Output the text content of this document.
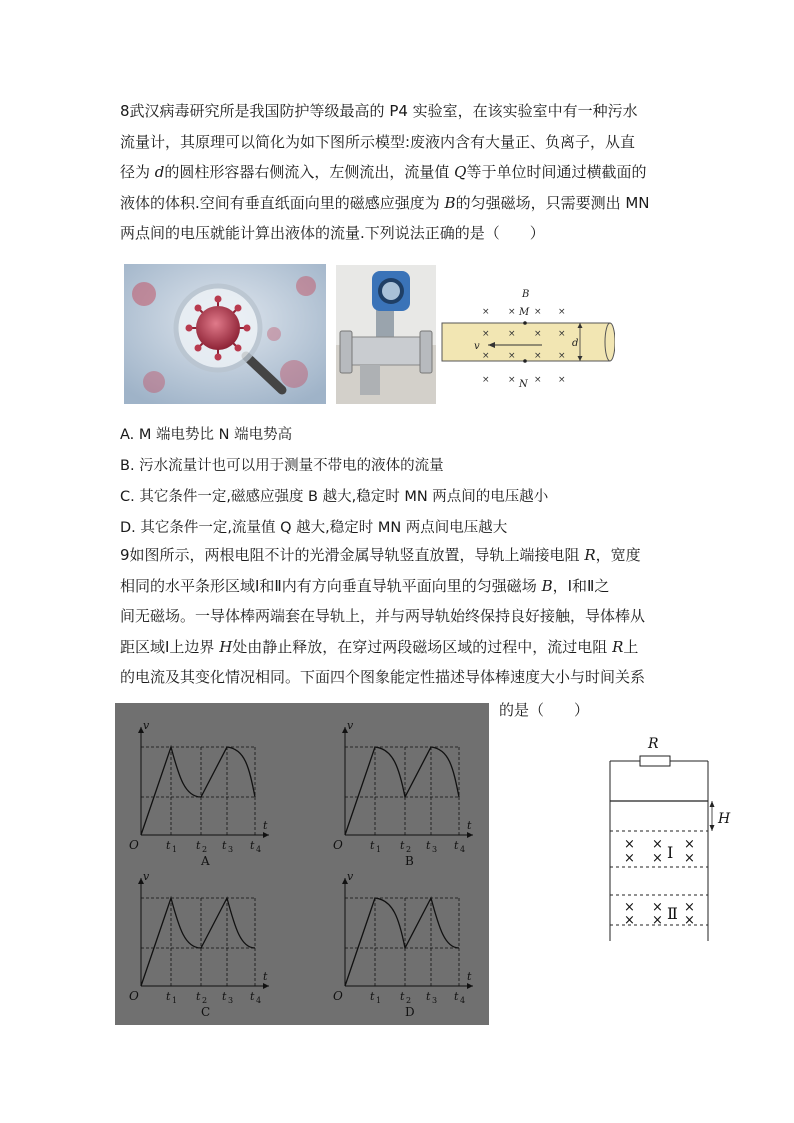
8武汉病毒研究所是我国防护等级最高的 P4 实验室，在该实验室中有一种污水
流量计，其原理可以简化为如下图所示模型:废液内含有大量正、负离子，从直
径为 d的圆柱形容器右侧流入，左侧流出，流量值 Q等于单位时间通过横截面的
液体的体积.空间有垂直纸面向里的磁感应强度为 B的匀强磁场，只需要测出 MN
两点间的电压就能计算出液体的流量.下列说法正确的是（　　）
× × × ×
× × × ×
× × × ×
× × × ×
v
B
M
N
d
A. M 端电势比 N 端电势高
B. 污水流量计也可以用于测量不带电的液体的流量
C. 其它条件一定,磁感应强度 B 越大,稳定时 MN 两点间的电压越小
D. 其它条件一定,流量值 Q 越大,稳定时 MN 两点间电压越大
9如图所示，两根电阻不计的光滑金属导轨竖直放置，导轨上端接电阻 R，宽度
相同的水平条形区域Ⅰ和Ⅱ内有方向垂直导轨平面向里的匀强磁场 B，Ⅰ和Ⅱ之
间无磁场。一导体棒两端套在导轨上，并与两导轨始终保持良好接触，导体棒从
距区域Ⅰ上边界 H处由静止释放，在穿过两段磁场区域的过程中，流过电阻 R上
的电流及其变化情况相同。下面四个图象能定性描述导体棒速度大小与时间关系
的是（　　）
v
t
O t 1 t 2 t 3 t 4
A
v
t
O t 1 t 2 t 3 t 4
B
v
t
O t 1 t 2 t 3 t 4
C
v
t
O t 1 t 2 t 3 t 4
D
R
H
× × ×
× × ×
× × ×
× × ×
Ⅰ
Ⅱ
